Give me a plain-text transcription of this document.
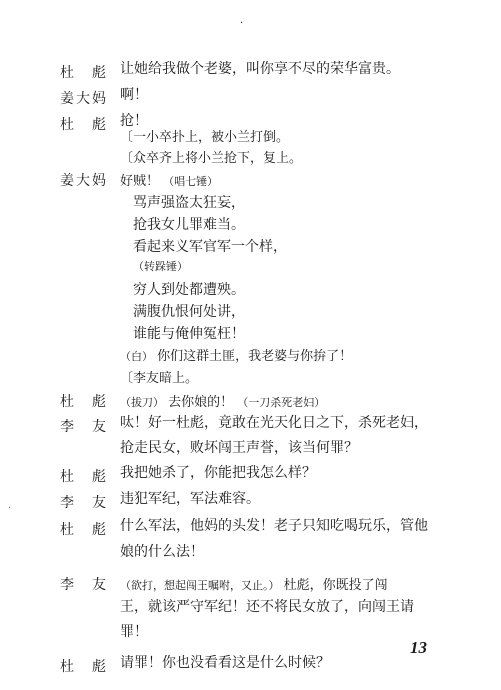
·
杜　彪 让她给我做个老婆，叫你享不尽的荣华富贵。
姜大妈 啊！
杜　彪 抢！
〔一小卒扑上，被小兰打倒。
〔众卒齐上将小兰抢下，复上。
姜大妈 好贼！ （唱七锤）
骂声强盗太狂妄，
抢我女儿罪难当。
看起来义军官军一个样，
（转跺锤）
穷人到处都遭殃。
满腹仇恨何处讲，
谁能与俺伸冤枉！
（白） 你们这群土匪，我老婆与你拚了！
〔李友暗上。
杜　彪	（拔刀） 去你娘的！ （一刀杀死老妇）
李　友 呔！好一杜彪，竟敢在光天化日之下，杀死老妇，
抢走民女，败坏闯王声誉，该当何罪？
杜　彪 我把她杀了，你能把我怎么样？
李　友 违犯军纪，军法难容。
杜　彪 什么军法，他妈的头发！老子只知吃喝玩乐，管他
娘的什么法！
李　友	（欲打，想起闯王嘱咐，又止。） 杜彪，你既投了闯
王，就该严守军纪！还不将民女放了，向闯王请
罪！
杜　彪 请罪！你也没看看这是什么时候？
·
13
